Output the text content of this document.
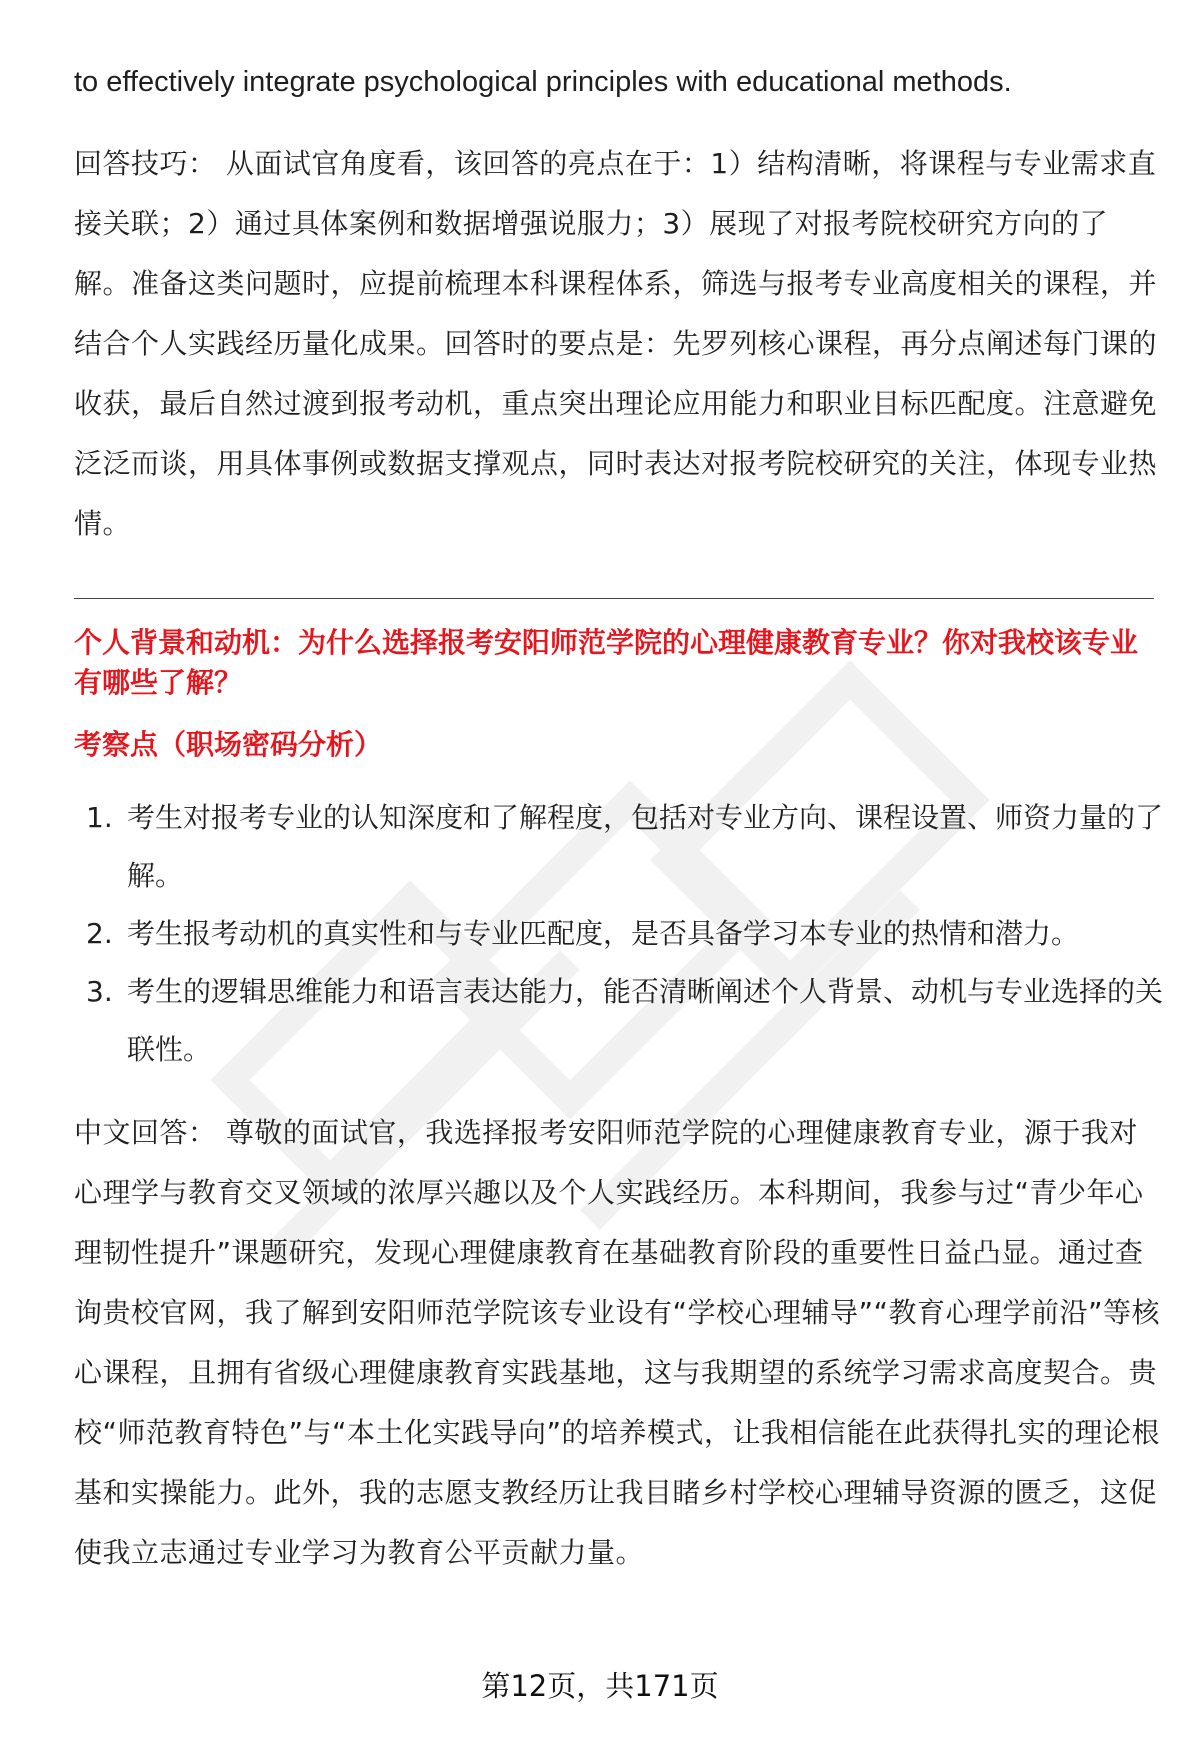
to effectively integrate psychological principles with educational methods.

回答技巧： 从面试官角度看，该回答的亮点在于：1）结构清晰，将课程与专业需求直接关联；2）通过具体案例和数据增强说服力；3）展现了对报考院校研究方向的了解。准备这类问题时，应提前梳理本科课程体系，筛选与报考专业高度相关的课程，并结合个人实践经历量化成果。回答时的要点是：先罗列核心课程，再分点阐述每门课的收获，最后自然过渡到报考动机，重点突出理论应用能力和职业目标匹配度。注意避免泛泛而谈，用具体事例或数据支撑观点，同时表达对报考院校研究的关注，体现专业热情。

个人背景和动机：为什么选择报考安阳师范学院的心理健康教育专业？你对我校该专业有哪些了解？

考察点（职场密码分析）

1. 考生对报考专业的认知深度和了解程度，包括对专业方向、课程设置、师资力量的了解。
2. 考生报考动机的真实性和与专业匹配度，是否具备学习本专业的热情和潜力。
3. 考生的逻辑思维能力和语言表达能力，能否清晰阐述个人背景、动机与专业选择的关联性。

中文回答： 尊敬的面试官，我选择报考安阳师范学院的心理健康教育专业，源于我对心理学与教育交叉领域的浓厚兴趣以及个人实践经历。本科期间，我参与过“青少年心理韧性提升”课题研究，发现心理健康教育在基础教育阶段的重要性日益凸显。通过查询贵校官网，我了解到安阳师范学院该专业设有“学校心理辅导”“教育心理学前沿”等核心课程，且拥有省级心理健康教育实践基地，这与我期望的系统学习需求高度契合。贵校“师范教育特色”与“本土化实践导向”的培养模式，让我相信能在此获得扎实的理论根基和实操能力。此外，我的志愿支教经历让我目睹乡村学校心理辅导资源的匮乏，这促使我立志通过专业学习为教育公平贡献力量。

第12页，共171页
